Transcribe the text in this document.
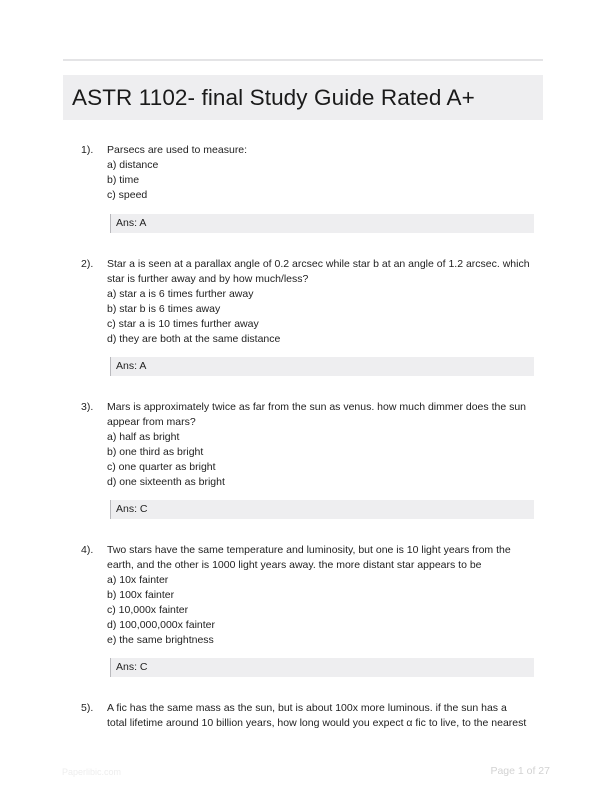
ASTR 1102- final Study Guide Rated A+
1). Parsecs are used to measure:
a) distance
b) time
c) speed
Ans: A
2). Star a is seen at a parallax angle of 0.2 arcsec while star b at an angle of 1.2 arcsec. which
star is further away and by how much/less?
a) star a is 6 times further away
b) star b is 6 times away
c) star a is 10 times further away
d) they are both at the same distance
Ans: A
3). Mars is approximately twice as far from the sun as venus. how much dimmer does the sun
appear from mars?
a) half as bright
b) one third as bright
c) one quarter as bright
d) one sixteenth as bright
Ans: C
4). Two stars have the same temperature and luminosity, but one is 10 light years from the
earth, and the other is 1000 light years away. the more distant star appears to be
a) 10x fainter
b) 100x fainter
c) 10,000x fainter
d) 100,000,000x fainter
e) the same brightness
Ans: C
5). A fic has the same mass as the sun, but is about 100x more luminous. if the sun has a
total lifetime around 10 billion years, how long would you expect α fic to live, to the nearest
Paperlibic.com	Page 1 of 27
